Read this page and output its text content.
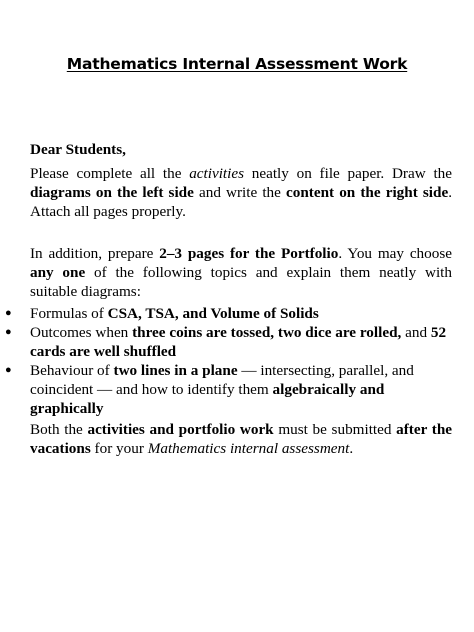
Mathematics Internal Assessment Work
Dear Students,

Please complete all the activities neatly on file paper. Draw the diagrams on the left side and write the content on the right side. Attach all pages properly.

In addition, prepare 2–3 pages for the Portfolio. You may choose any one of the following topics and explain them neatly with suitable diagrams:

● Formulas of CSA, TSA, and Volume of Solids
● Outcomes when three coins are tossed, two dice are rolled, and 52 cards are well shuffled
● Behaviour of two lines in a plane — intersecting, parallel, and coincident — and how to identify them algebraically and graphically

Both the activities and portfolio work must be submitted after the vacations for your Mathematics internal assessment.
